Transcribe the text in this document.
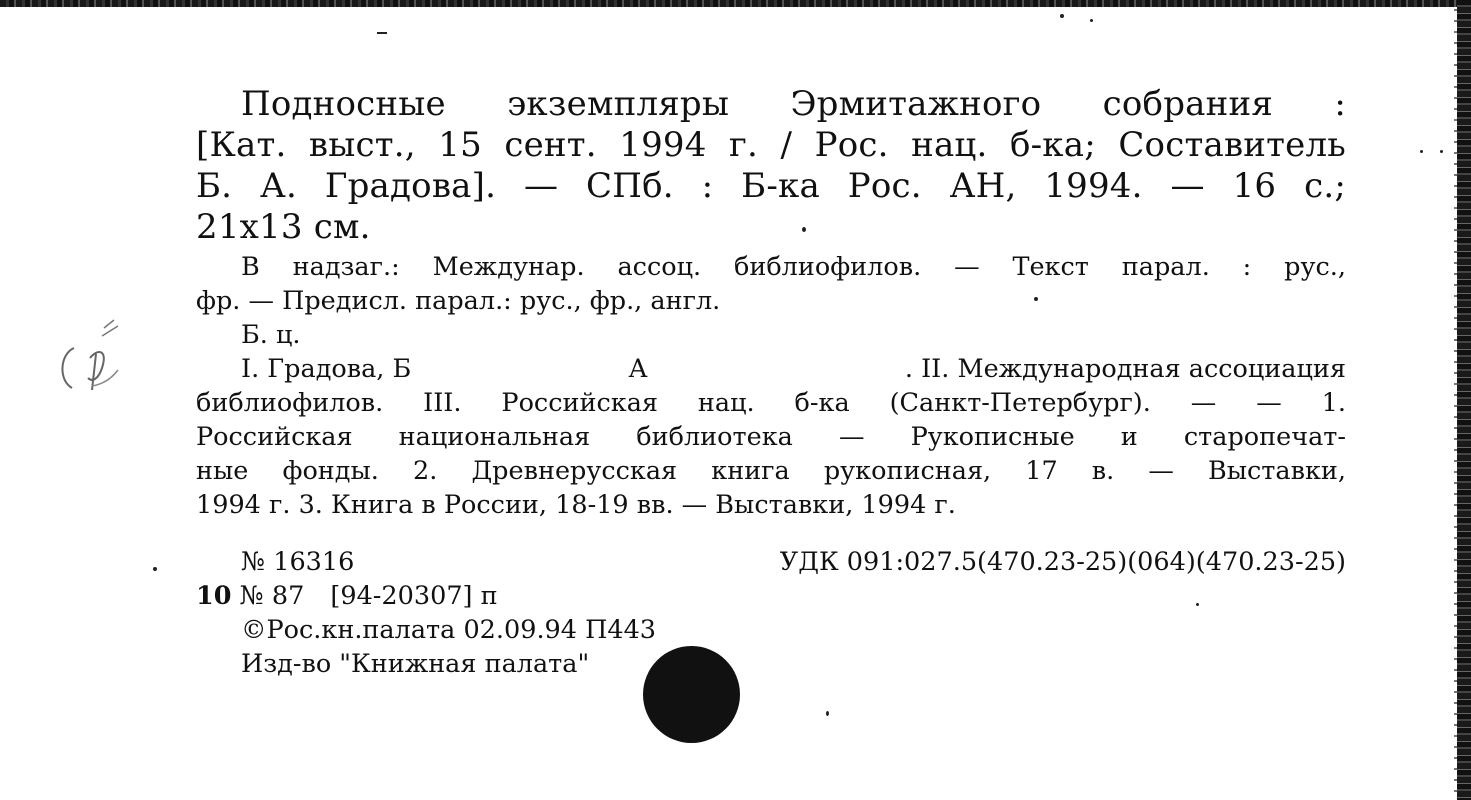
Подносные экземпляры Эрмитажного собрания :
[Кат. выст., 15 сент. 1994 г. / Рос. нац. б-ка; Составитель
Б. А. Градова]. — СПб. : Б-ка Рос. АН, 1994. — 16 с.;
21x13 см.
В надзаг.: Междунар. ассоц. библиофилов. — Текст парал. : рус.,
фр. — Предисл. парал.: рус., фр., англ.
Б. ц.
I. Градова, Б	А	. II. Международная ассоциация
библиофилов. III. Российская нац. б-ка (Санкт-Петербург). — — 1.
Российская национальная библиотека — Рукописные и старопечат-
ные фонды. 2. Древнерусская книга рукописная, 17 в. — Выставки,
1994 г. 3. Книга в России, 18-19 вв. — Выставки, 1994 г.
№ 16316	УДК 091:027.5(470.23-25)(064)(470.23-25)
10 № 87 [94-20307] п
©Рос.кн.палата 02.09.94 П443
Изд-во "Книжная палата"
